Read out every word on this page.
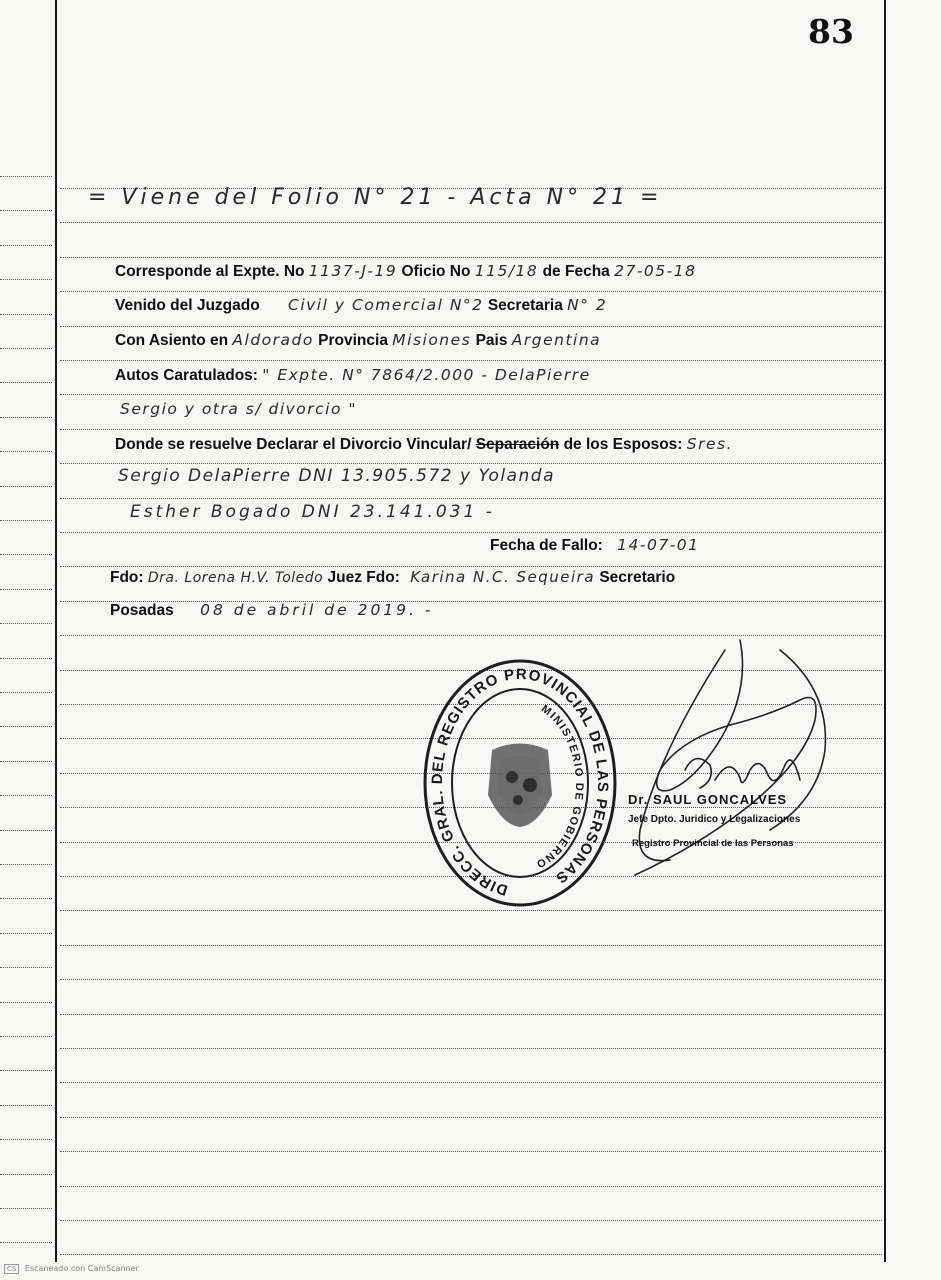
83
= Viene del Folio N° 21 - Acta N° 21 =
Corresponde al Expte. No 1137-J-19 Oficio No 115/18 de Fecha 27-05-18
Venido del Juzgado Civil y Comercial N°2 Secretaria N° 2
Con Asiento en Aldorado Provincia Misiones Pais Argentina
Autos Caratulados: " Expte. N° 7864/2.000 - DelaPierre
Sergio y otra s/ divorcio "
Donde se resuelve Declarar el Divorcio Vincular/ Separación de los Esposos: Sres.
Sergio DelaPierre DNI 13.905.572 y Yolanda
Esther Bogado DNI 23.141.031 -
Fecha de Fallo: 14-07-01
Fdo: Dra. Lorena H.V. Toledo Juez Fdo: Karina N.C. Sequeira Secretario
Posadas 08 de abril de 2019. -
DIRECC. GRAL. DEL REGISTRO PROVINCIAL DE LAS PERSONAS
MINISTERIO DE GOBIERNO
Dr. SAUL GONCALVES
Jefe Dpto. Juridico y Legalizaciones
Registro Provincial de las Personas
CS Escaneado con CamScanner
